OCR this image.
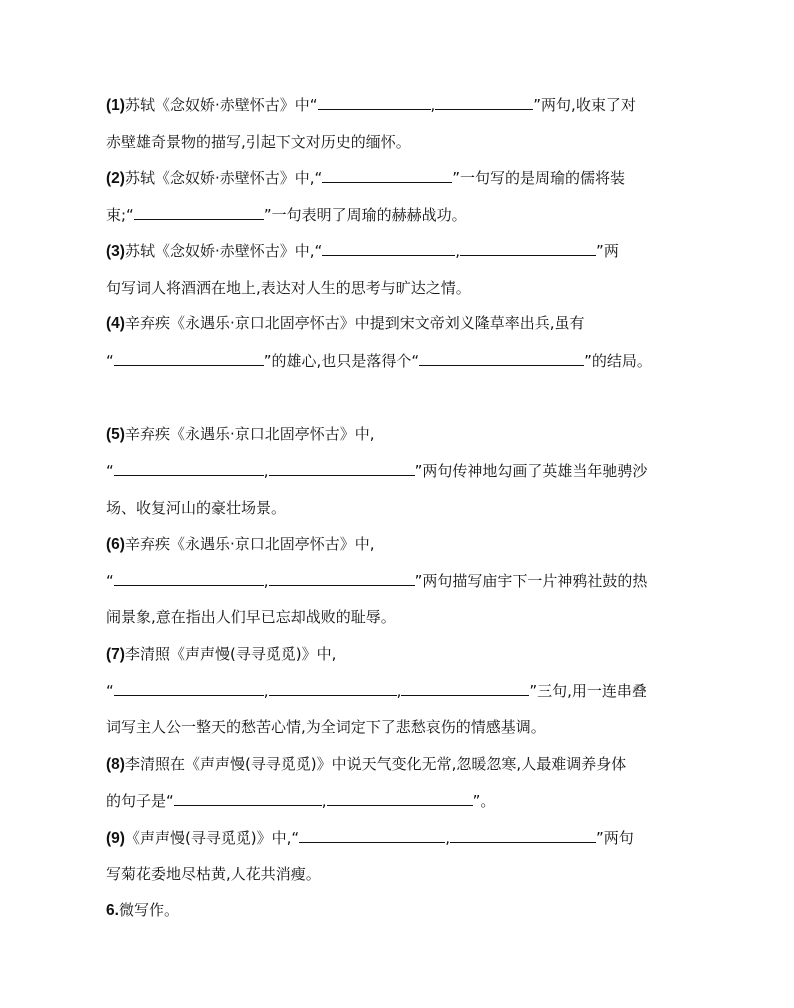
(1)苏轼《念奴娇·赤壁怀古》中“	,	”两句,收束了对
赤壁雄奇景物的描写,引起下文对历史的缅怀。
(2)苏轼《念奴娇·赤壁怀古》中,“	”一句写的是周瑜的儒将装
束;“	”一句表明了周瑜的赫赫战功。
(3)苏轼《念奴娇·赤壁怀古》中,“	,	”两
句写词人将酒洒在地上,表达对人生的思考与旷达之情。
(4)辛弃疾《永遇乐·京口北固亭怀古》中提到宋文帝刘义隆草率出兵,虽有
“	”的雄心,也只是落得个“	”的结局。
(5)辛弃疾《永遇乐·京口北固亭怀古》中,
“	,	”两句传神地勾画了英雄当年驰骋沙
场、收复河山的豪壮场景。
(6)辛弃疾《永遇乐·京口北固亭怀古》中,
“	,	”两句描写庙宇下一片神鸦社鼓的热
闹景象,意在指出人们早已忘却战败的耻辱。
(7)李清照《声声慢(寻寻觅觅)》中,
“	,	,	”三句,用一连串叠
词写主人公一整天的愁苦心情,为全词定下了悲愁哀伤的情感基调。
(8)李清照在《声声慢(寻寻觅觅)》中说天气变化无常,忽暖忽寒,人最难调养身体
的句子是“	,	”。
(9)《声声慢(寻寻觅觅)》中,“	,	”两句
写菊花委地尽枯黄,人花共消瘦。
6.微写作。
